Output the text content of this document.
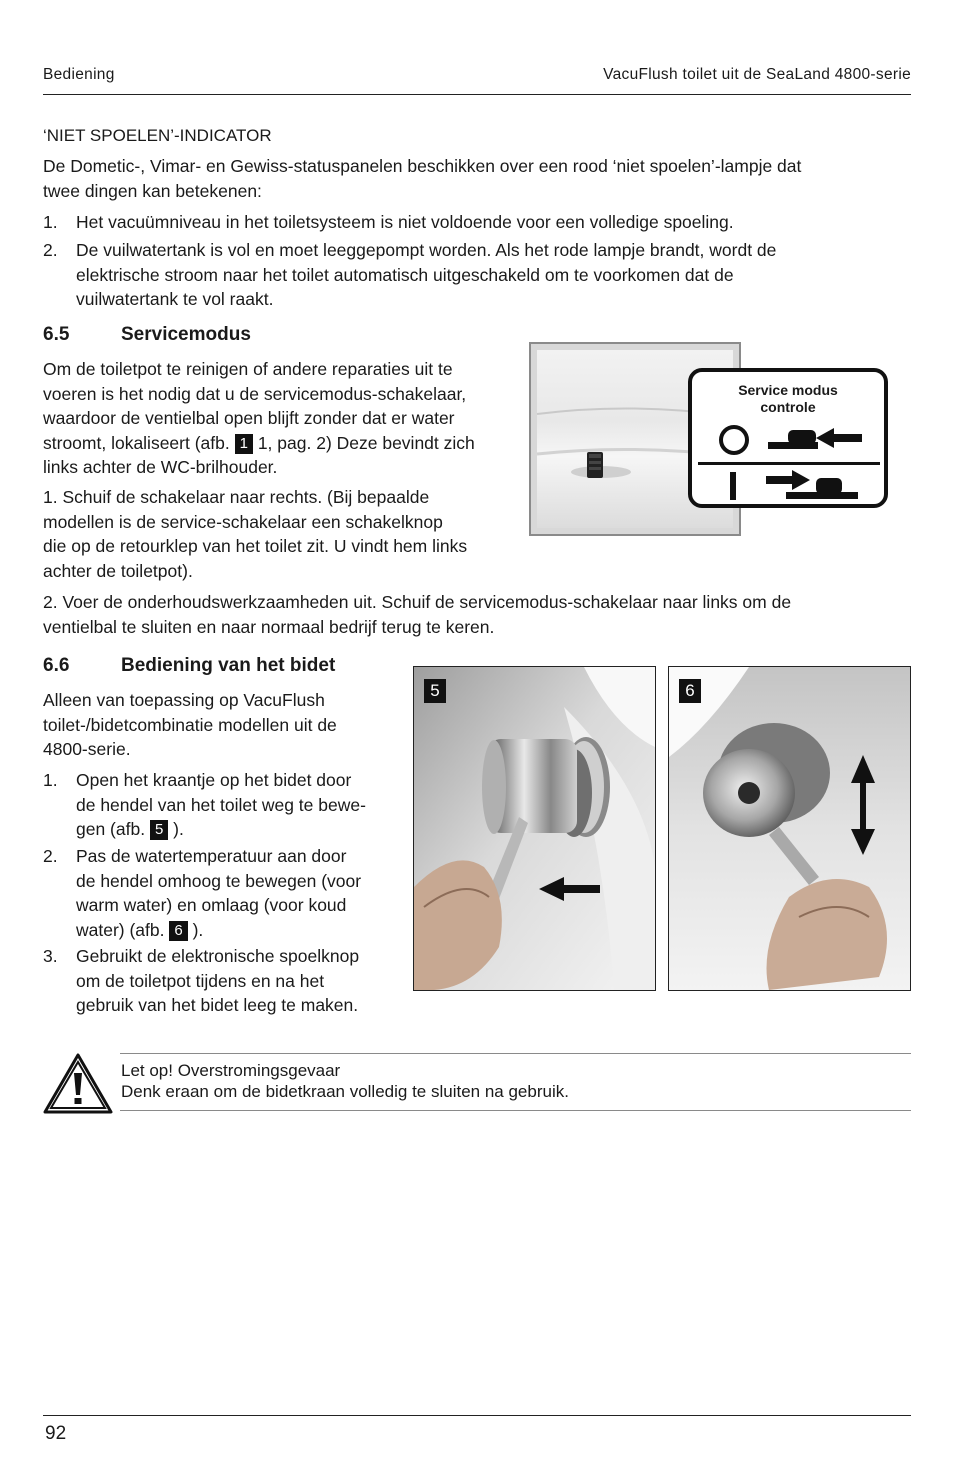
Bediening	VacuFlush toilet uit de SeaLand 4800-serie
‘NIET SPOELEN’-INDICATOR
De Dometic-, Vimar- en Gewiss-statuspanelen beschikken over een rood ‘niet spoelen’-lampje dat
twee dingen kan betekenen:
1. Het vacuümniveau in het toiletsysteem is niet voldoende voor een volledige spoeling.
2. De vuilwatertank is vol en moet leeggepompt worden. Als het rode lampje brandt, wordt de
elektrische stroom naar het toilet automatisch uitgeschakeld om te voorkomen dat de
vuilwatertank te vol raakt.
6.5	Servicemodus
Om de toiletpot te reinigen of andere reparaties uit te
voeren is het nodig dat u de servicemodus-schakelaar,
waardoor de ventielbal open blijft zonder dat er water
stroomt, lokaliseert (afb. 1 1, pag. 2) Deze bevindt zich
links achter de WC-brilhouder.
1. Schuif de schakelaar naar rechts. (Bij bepaalde
modellen is de service-schakelaar een schakelknop
die op de retourklep van het toilet zit. U vindt hem links
achter de toiletpot).
Service modus
controle
2. Voer de onderhoudswerkzaamheden uit. Schuif de servicemodus-schakelaar naar links om de
ventielbal te sluiten en naar normaal bedrijf terug te keren.
6.6	Bediening van het bidet
Alleen van toepassing op VacuFlush
toilet-/bidetcombinatie modellen uit de
4800-serie.
1. Open het kraantje op het bidet door
de hendel van het toilet weg te bewe-
gen (afb. 5 ).
2. Pas de watertemperatuur aan door
de hendel omhoog te bewegen (voor
warm water) en omlaag (voor koud
water) (afb. 6 ).
3. Gebruikt de elektronische spoelknop
om de toiletpot tijdens en na het
gebruik van het bidet leeg te maken.
5	6
Let op! Overstromingsgevaar
Denk eraan om de bidetkraan volledig te sluiten na gebruik.
92
